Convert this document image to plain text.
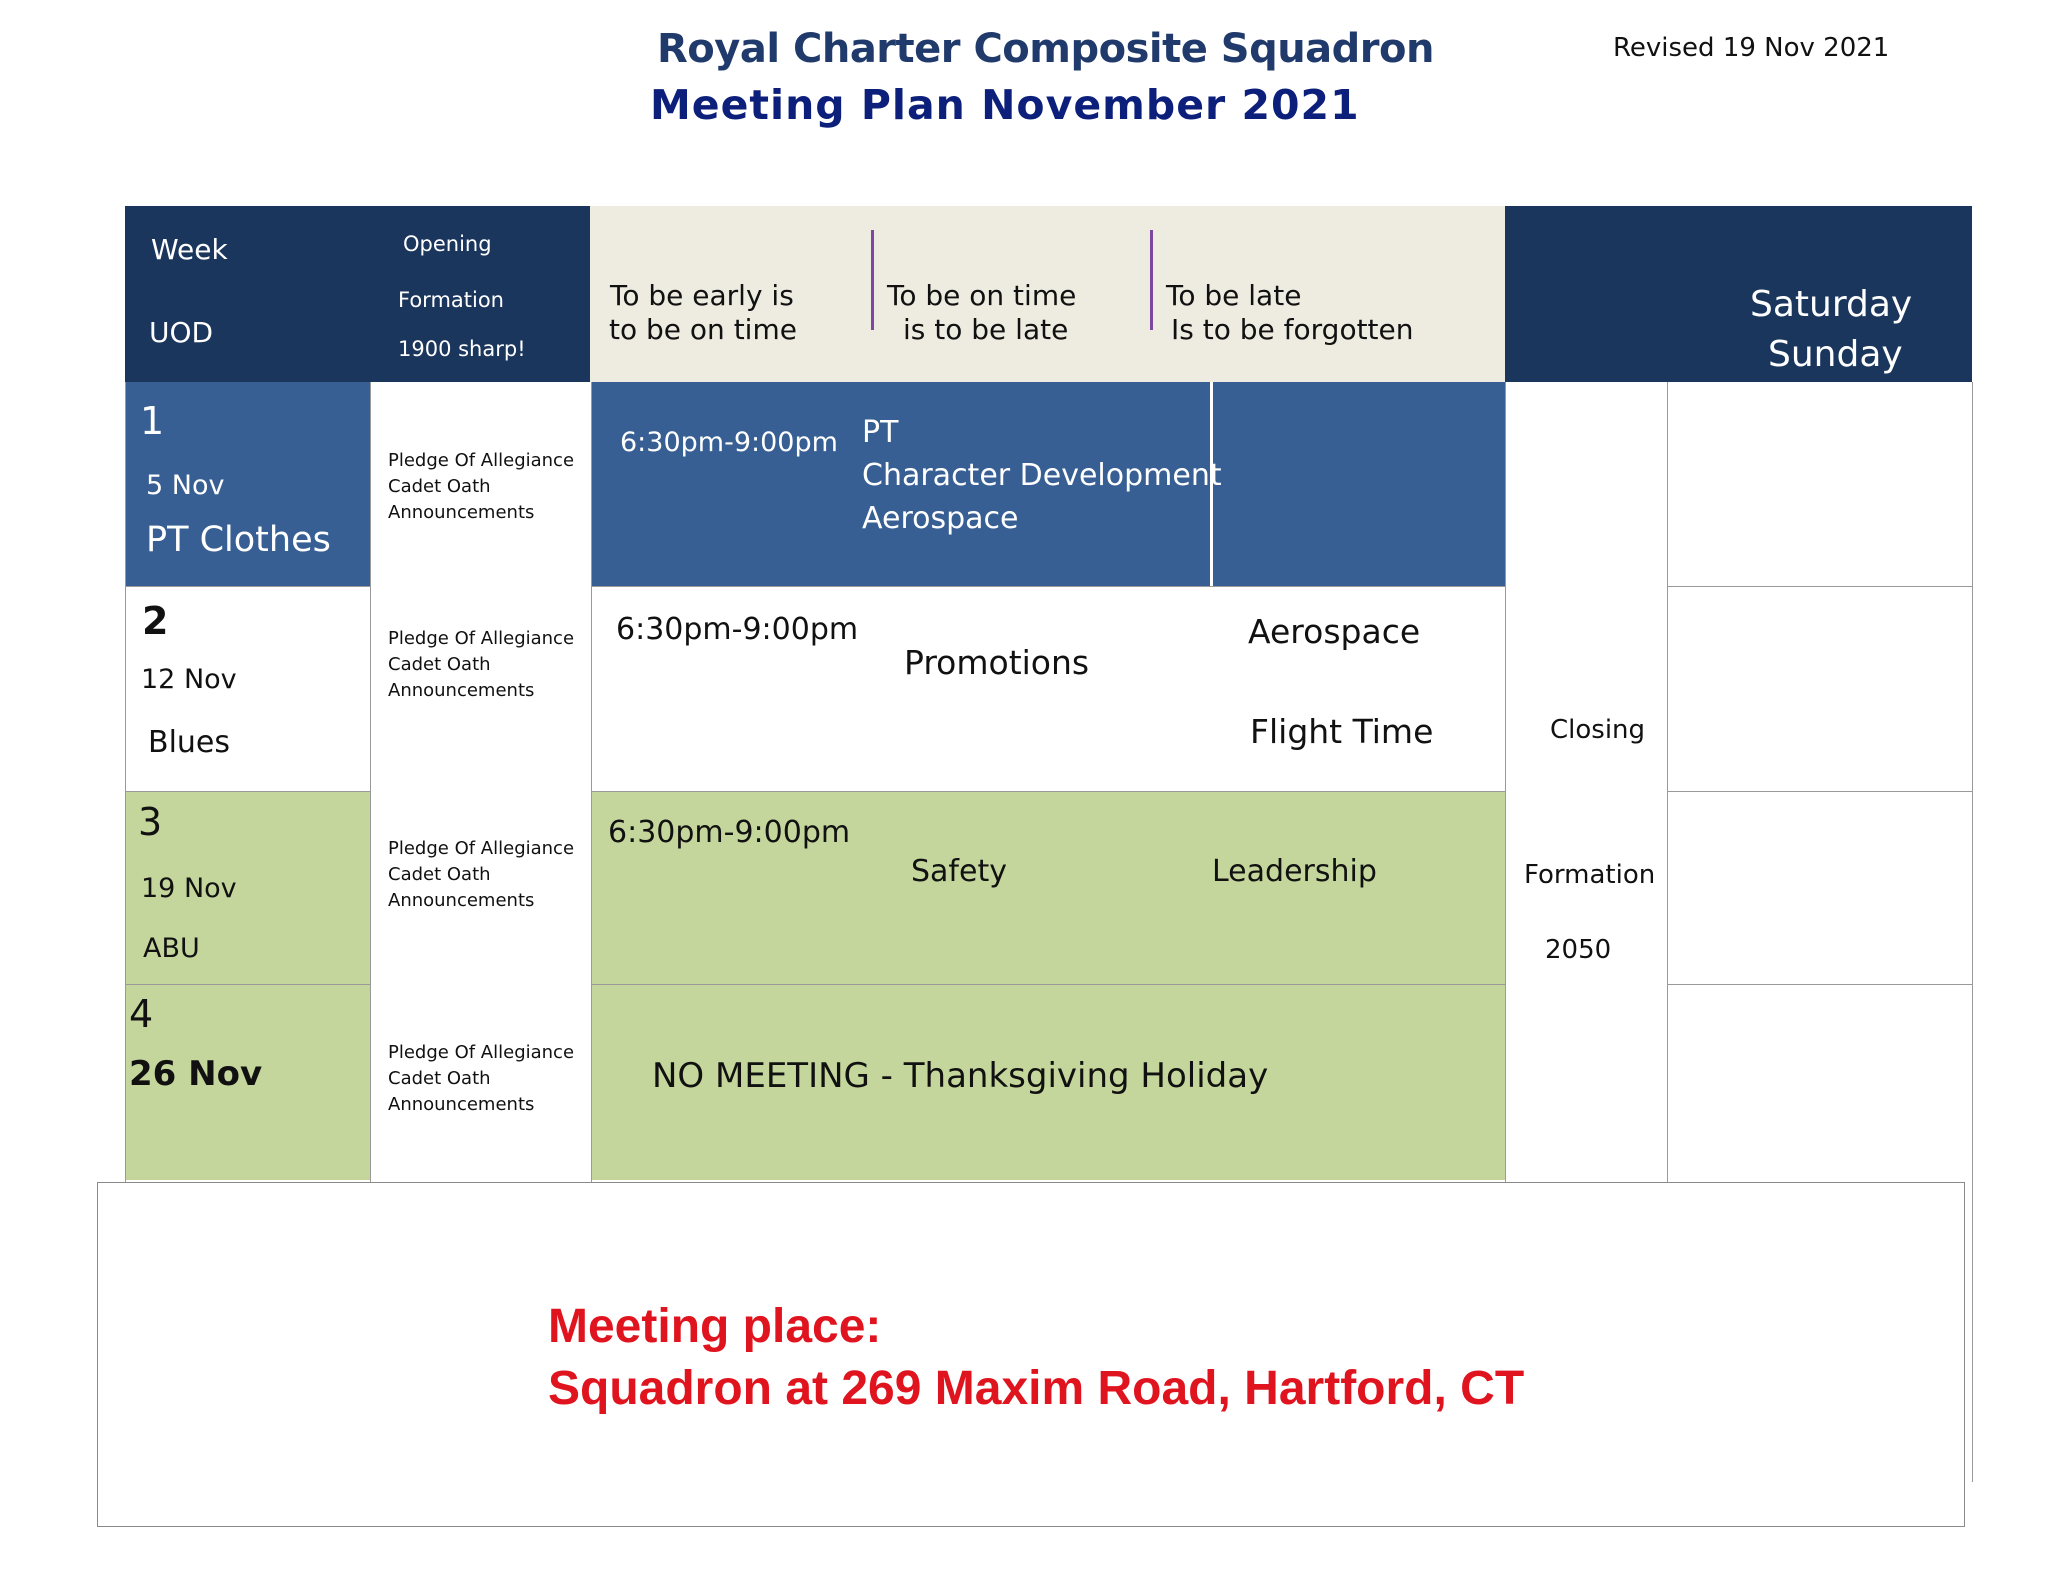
Royal Charter Composite Squadron
Meeting Plan November 2021
Revised 19 Nov 2021
Week
UOD
Opening
Formation
1900 sharp!
To be early is
to be on time
To be on time
is to be late
To be late
Is to be forgotten
Saturday
Sunday
1
5 Nov
PT Clothes
2
12 Nov
Blues
3
19 Nov
ABU
4
26 Nov
Pledge Of Allegiance
Cadet Oath
Announcements
Pledge Of Allegiance
Cadet Oath
Announcements
Pledge Of Allegiance
Cadet Oath
Announcements
Pledge Of Allegiance
Cadet Oath
Announcements
6:30pm-9:00pm PT
Character Development
Aerospace
6:30pm-9:00pm
Promotions
Aerospace
Flight Time
6:30pm-9:00pm
Safety	Leadership
NO MEETING - Thanksgiving Holiday
Closing
Formation
2050
Meeting place:
Squadron at 269 Maxim Road, Hartford, CT
